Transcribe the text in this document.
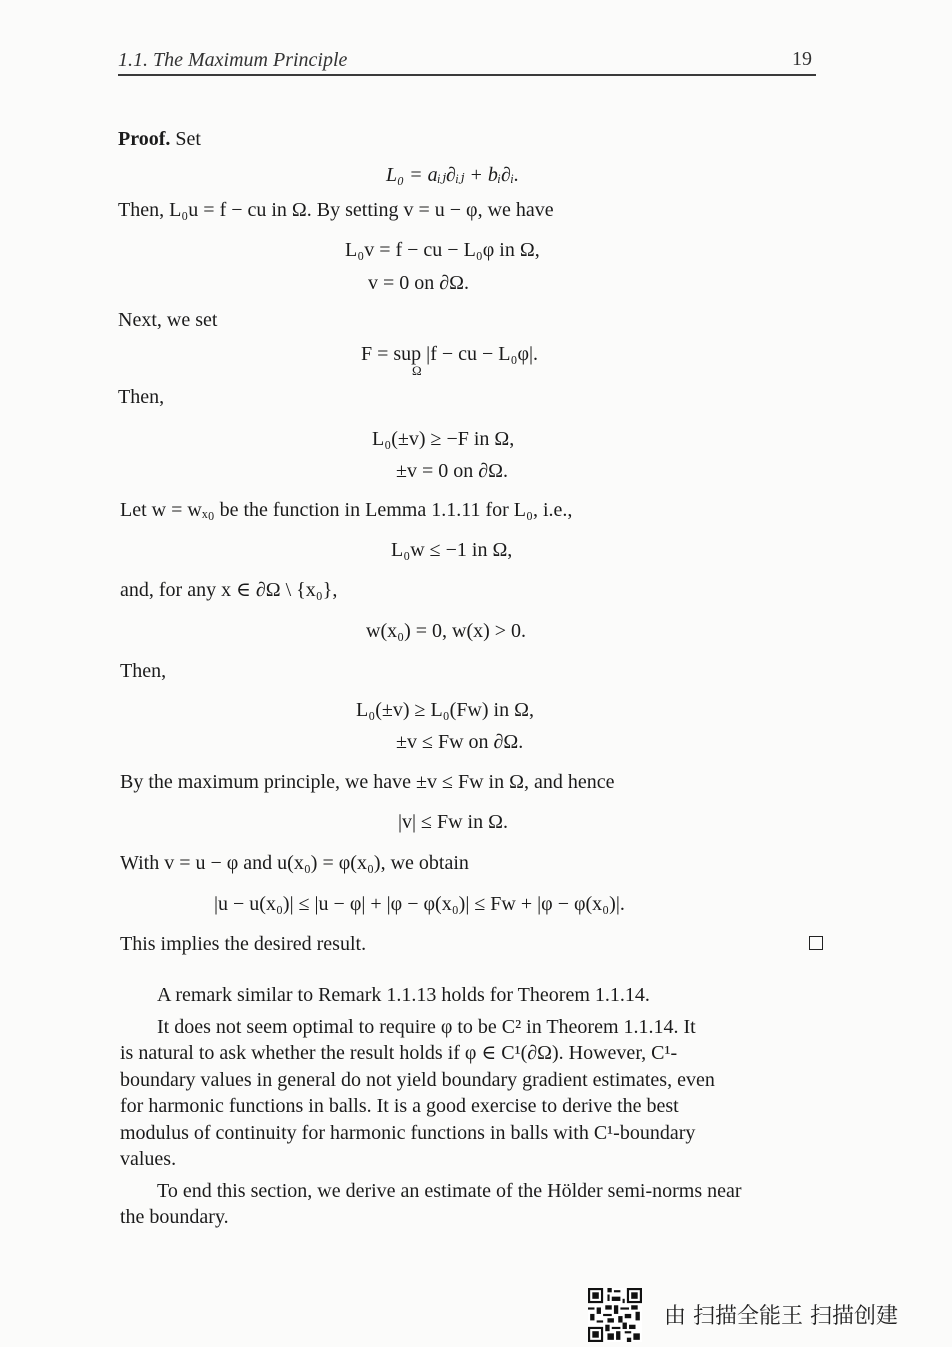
1.1. The Maximum Principle	19
Proof. Set
L₀ = aᵢⱼ∂ᵢⱼ + bᵢ∂ᵢ.
Then, L₀u = f − cu in Ω. By setting v = u − φ, we have
L₀v = f − cu − L₀φ in Ω,
v = 0 on ∂Ω.
Next, we set
F = sup |f − cu − L₀φ|.
Ω
Then,
L₀(±v) ≥ −F in Ω,
±v = 0 on ∂Ω.
Let w = wₓ₀ be the function in Lemma 1.1.11 for L₀, i.e.,
L₀w ≤ −1 in Ω,
and, for any x ∈ ∂Ω \ {x₀},
w(x₀) = 0, w(x) > 0.
Then,
L₀(±v) ≥ L₀(Fw) in Ω,
±v ≤ Fw on ∂Ω.
By the maximum principle, we have ±v ≤ Fw in Ω, and hence
|v| ≤ Fw in Ω.
With v = u − φ and u(x₀) = φ(x₀), we obtain
|u − u(x₀)| ≤ |u − φ| + |φ − φ(x₀)| ≤ Fw + |φ − φ(x₀)|.
This implies the desired result.
A remark similar to Remark 1.1.13 holds for Theorem 1.1.14.
It does not seem optimal to require φ to be C² in Theorem 1.1.14. It
is natural to ask whether the result holds if φ ∈ C¹(∂Ω). However, C¹-
boundary values in general do not yield boundary gradient estimates, even
for harmonic functions in balls. It is a good exercise to derive the best
modulus of continuity for harmonic functions in balls with C¹-boundary
values.
To end this section, we derive an estimate of the Hölder semi-norms near
the boundary.
由 扫描全能王 扫描创建
